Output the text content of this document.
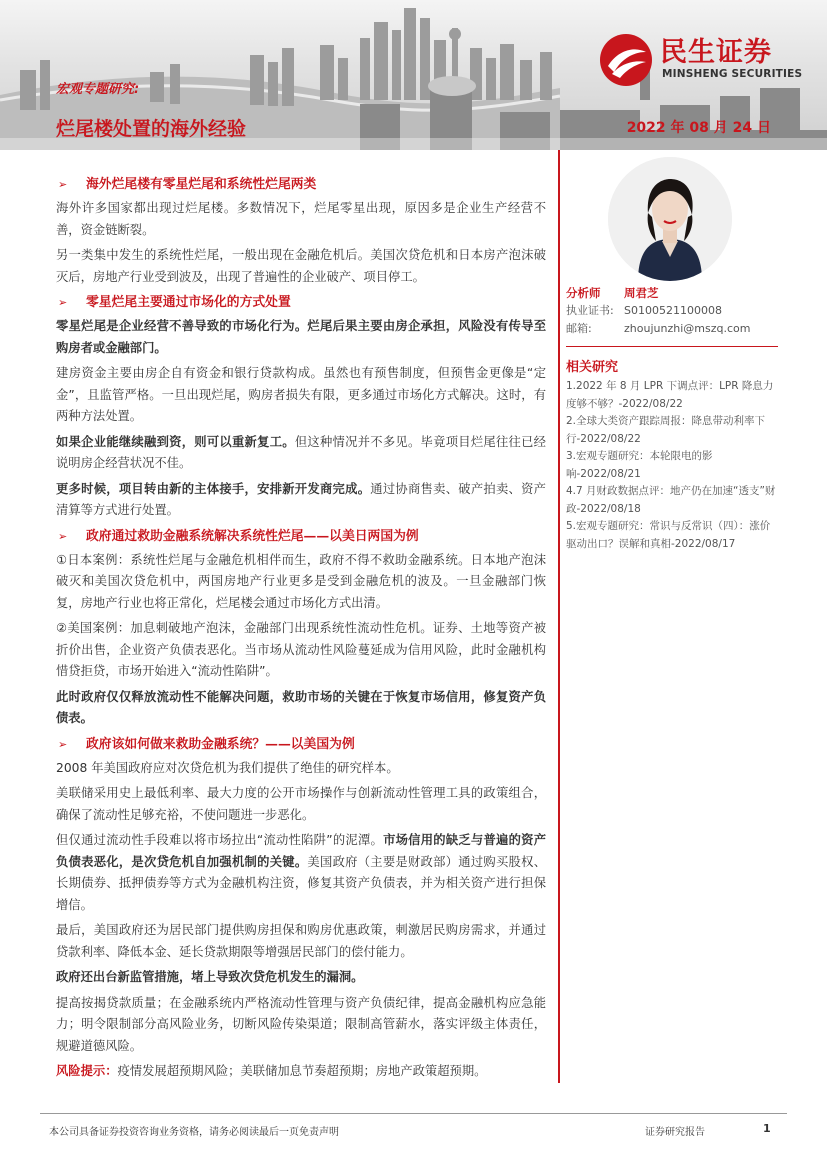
宏观专题研究:
烂尾楼处置的海外经验	2022 年 08 月 24 日
民生证券
MINSHENG SECURITIES
➢ 海外烂尾楼有零星烂尾和系统性烂尾两类

海外许多国家都出现过烂尾楼。多数情况下，烂尾零星出现，原因多是企业生产经营不善，资金链断裂。

另一类集中发生的系统性烂尾，一般出现在金融危机后。美国次贷危机和日本房产泡沫破灭后，房地产行业受到波及，出现了普遍性的企业破产、项目停工。

➢ 零星烂尾主要通过市场化的方式处置

零星烂尾是企业经营不善导致的市场化行为。烂尾后果主要由房企承担，风险没有传导至购房者或金融部门。

建房资金主要由房企自有资金和银行贷款构成。虽然也有预售制度，但预售金更像是“定金”，且监管严格。一旦出现烂尾，购房者损失有限，更多通过市场化方式解决。这时，有两种方法处置。

如果企业能继续融到资，则可以重新复工。但这种情况并不多见。毕竟项目烂尾往往已经说明房企经营状况不佳。

更多时候，项目转由新的主体接手，安排新开发商完成。通过协商售卖、破产拍卖、资产清算等方式进行处置。

➢ 政府通过救助金融系统解决系统性烂尾——以美日两国为例

①日本案例：系统性烂尾与金融危机相伴而生，政府不得不救助金融系统。日本地产泡沫破灭和美国次贷危机中，两国房地产行业更多是受到金融危机的波及。一旦金融部门恢复，房地产行业也将正常化，烂尾楼会通过市场化方式出清。

②美国案例：加息刺破地产泡沫，金融部门出现系统性流动性危机。证券、土地等资产被折价出售，企业资产负债表恶化。当市场从流动性风险蔓延成为信用风险，此时金融机构惜贷拒贷，市场开始进入“流动性陷阱”。

此时政府仅仅释放流动性不能解决问题，救助市场的关键在于恢复市场信用，修复资产负债表。

➢ 政府该如何做来救助金融系统？——以美国为例

2008 年美国政府应对次贷危机为我们提供了绝佳的研究样本。

美联储采用史上最低利率、最大力度的公开市场操作与创新流动性管理工具的政策组合，确保了流动性足够充裕，不使问题进一步恶化。

但仅通过流动性手段难以将市场拉出“流动性陷阱”的泥潭。市场信用的缺乏与普遍的资产负债表恶化，是次贷危机自加强机制的关键。美国政府（主要是财政部）通过购买股权、长期债券、抵押债券等方式为金融机构注资，修复其资产负债表，并为相关资产进行担保增信。

最后，美国政府还为居民部门提供购房担保和购房优惠政策，刺激居民购房需求，并通过贷款利率、降低本金、延长贷款期限等增强居民部门的偿付能力。

政府还出台新监管措施，堵上导致次贷危机发生的漏洞。

提高按揭贷款质量；在金融系统内严格流动性管理与资产负债纪律，提高金融机构应急能力；明令限制部分高风险业务，切断风险传染渠道；限制高管薪水，落实评级主体责任，规避道德风险。

风险提示：疫情发展超预期风险；美联储加息节奏超预期；房地产政策超预期。

分析师 周君芝
执业证书: S0100521100008
邮箱:	zhoujunzhi@mszq.com
相关研究
1.2022 年 8 月 LPR 下调点评：LPR 降息力度够不够？-2022/08/22
2.全球大类资产跟踪周报：降息带动利率下行-2022/08/22
3.宏观专题研究：本轮限电的影响-2022/08/21
4.7 月财政数据点评：地产仍在加速“透支”财政-2022/08/18
5.宏观专题研究：常识与反常识（四）：涨价驱动出口？误解和真相-2022/08/17
本公司具备证券投资咨询业务资格，请务必阅读最后一页免责声明	证券研究报告	1
